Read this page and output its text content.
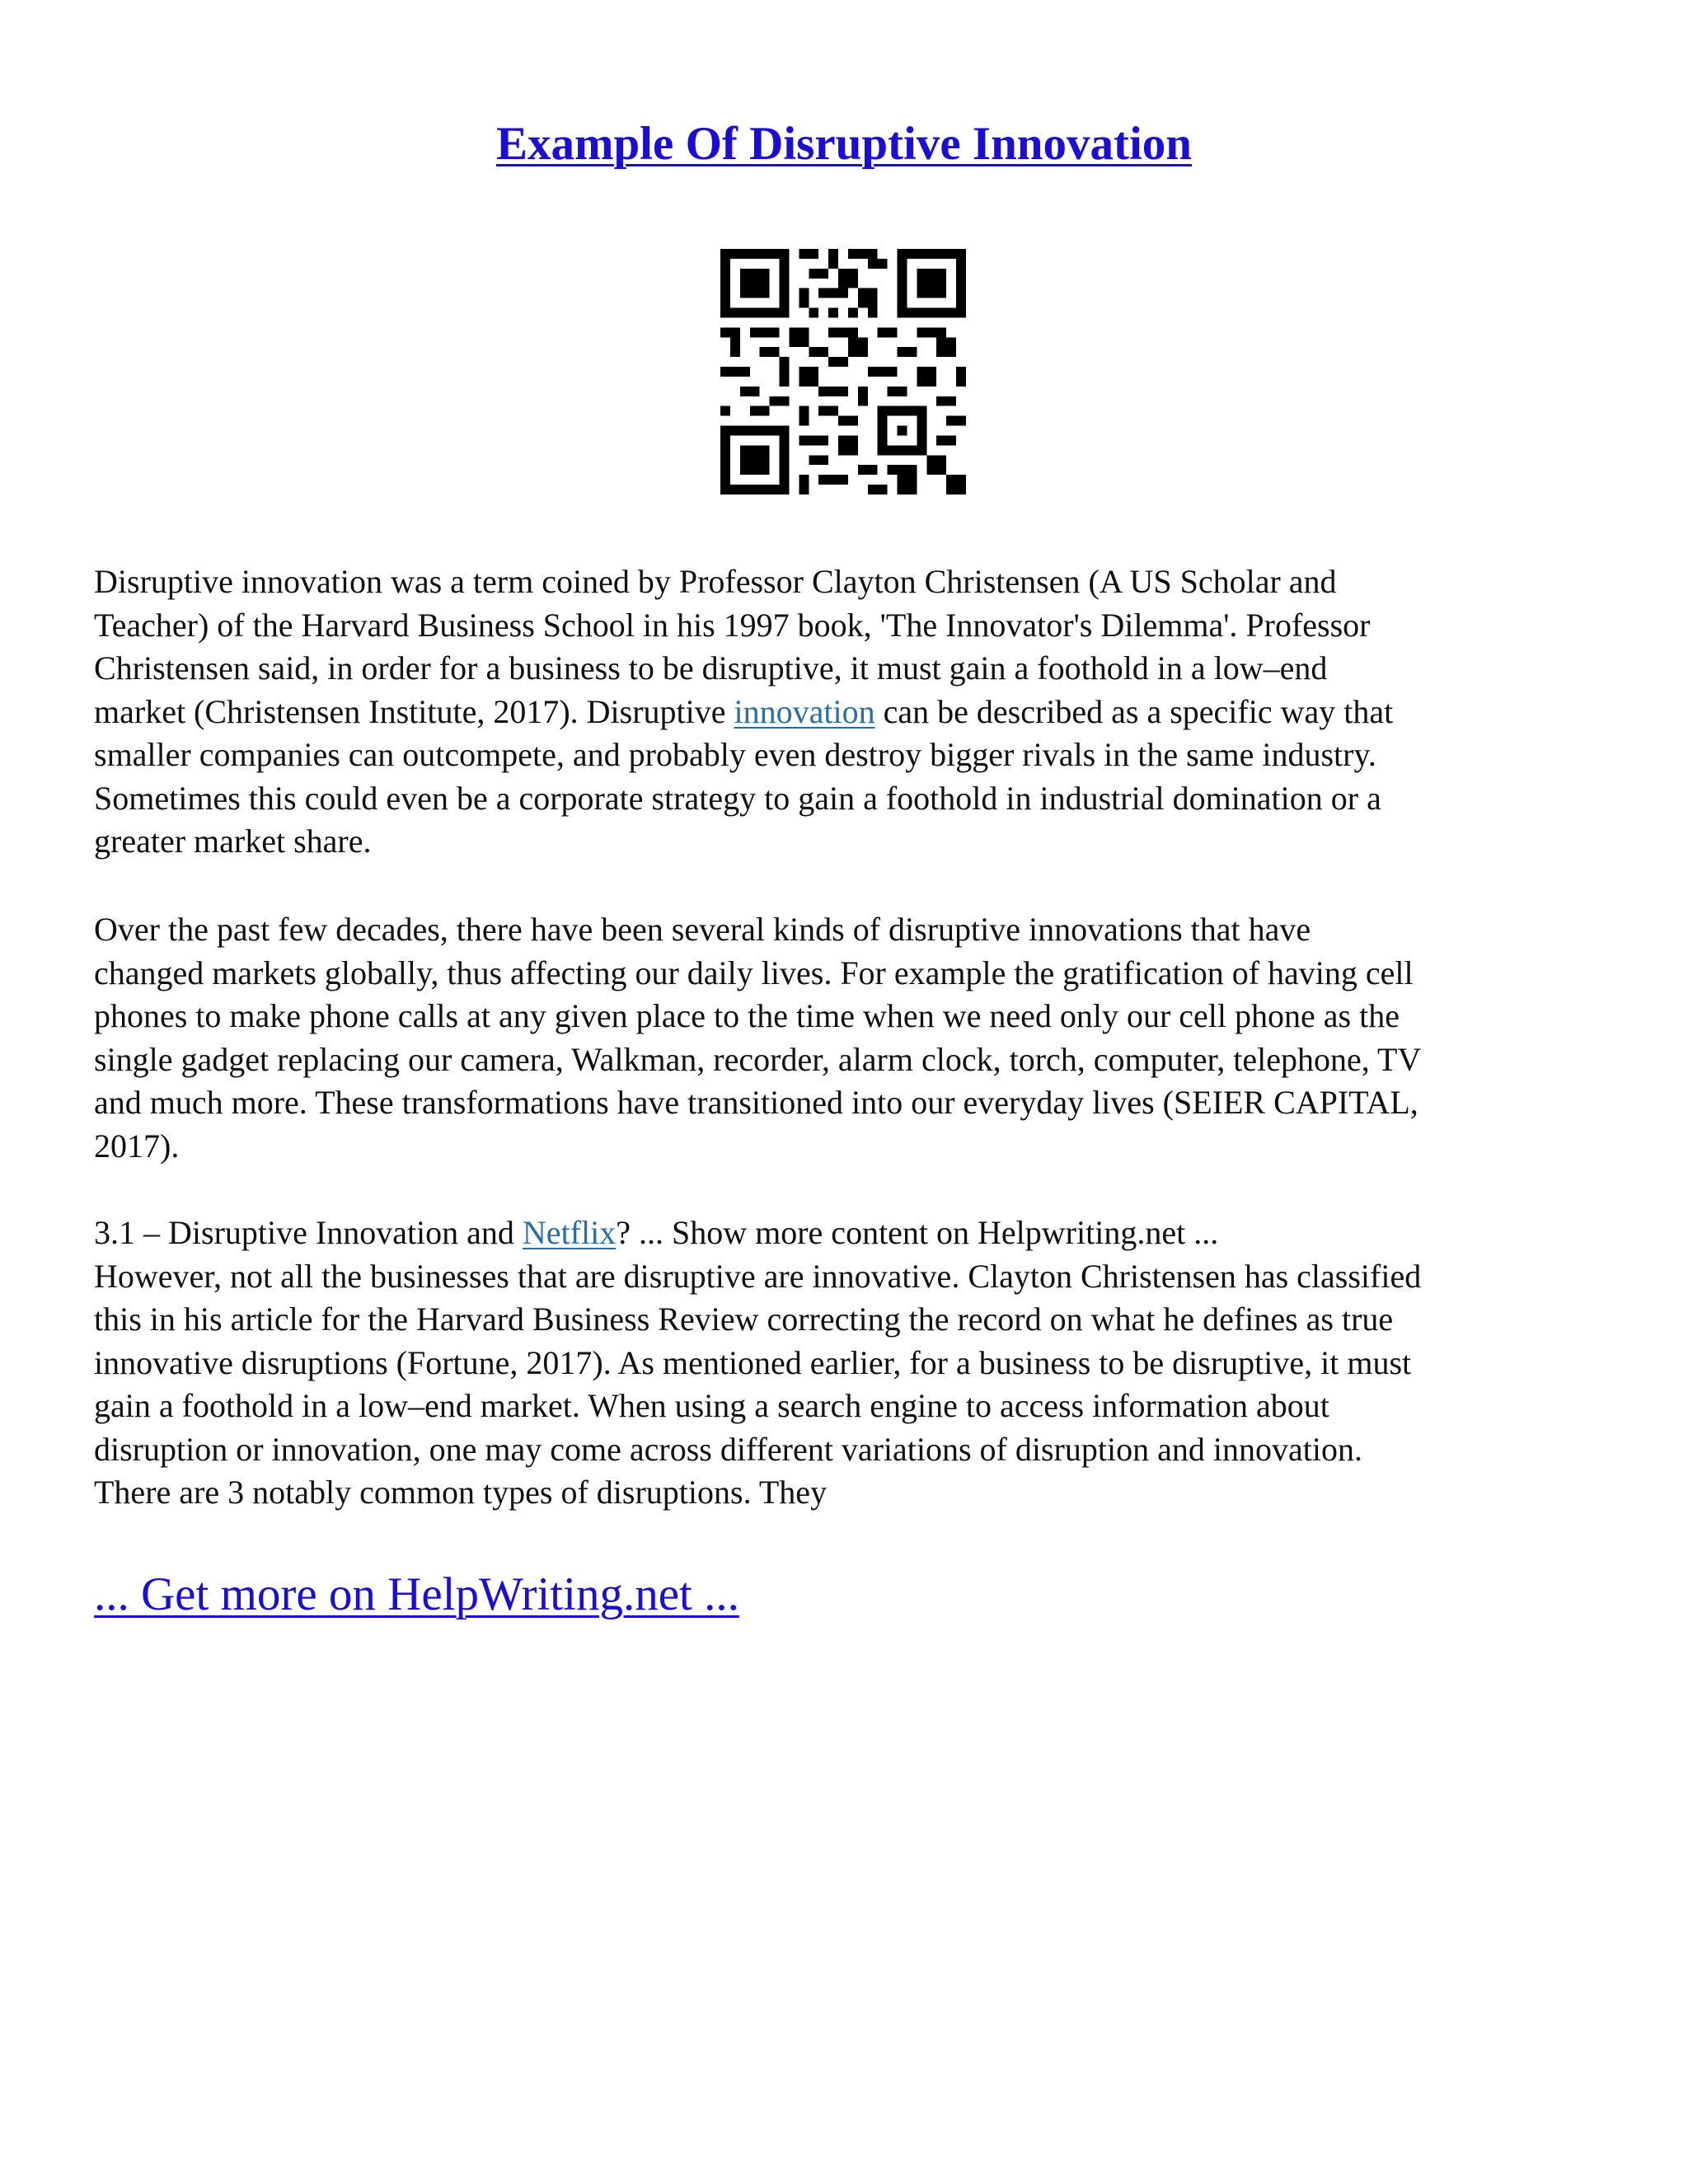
Example Of Disruptive Innovation
Disruptive innovation was a term coined by Professor Clayton Christensen (A US Scholar and
Teacher) of the Harvard Business School in his 1997 book, 'The Innovator's Dilemma'. Professor
Christensen said, in order for a business to be disruptive, it must gain a foothold in a low–end
market (Christensen Institute, 2017). Disruptive innovation can be described as a specific way that
smaller companies can outcompete, and probably even destroy bigger rivals in the same industry.
Sometimes this could even be a corporate strategy to gain a foothold in industrial domination or a
greater market share.
Over the past few decades, there have been several kinds of disruptive innovations that have
changed markets globally, thus affecting our daily lives. For example the gratification of having cell
phones to make phone calls at any given place to the time when we need only our cell phone as the
single gadget replacing our camera, Walkman, recorder, alarm clock, torch, computer, telephone, TV
and much more. These transformations have transitioned into our everyday lives (SEIER CAPITAL,
2017).
3.1 – Disruptive Innovation and Netflix? ... Show more content on Helpwriting.net ...
However, not all the businesses that are disruptive are innovative. Clayton Christensen has classified
this in his article for the Harvard Business Review correcting the record on what he defines as true
innovative disruptions (Fortune, 2017). As mentioned earlier, for a business to be disruptive, it must
gain a foothold in a low–end market. When using a search engine to access information about
disruption or innovation, one may come across different variations of disruption and innovation.
There are 3 notably common types of disruptions. They
... Get more on HelpWriting.net ...
